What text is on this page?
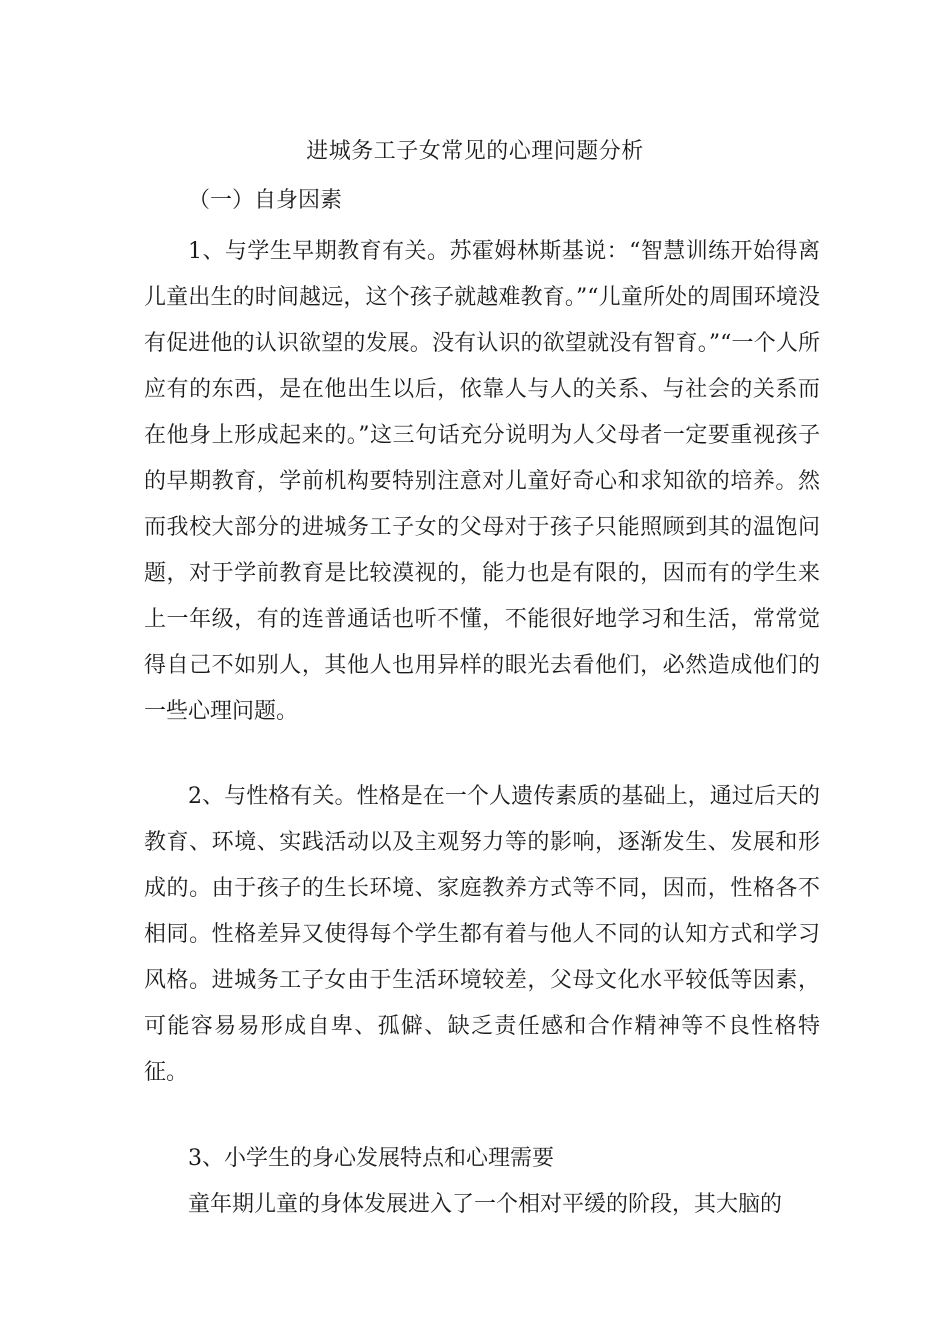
进城务工子女常见的心理问题分析
（一）自身因素

1、与学生早期教育有关。苏霍姆林斯基说：“智慧训练开始得离儿童出生的时间越远，这个孩子就越难教育。”“儿童所处的周围环境没有促进他的认识欲望的发展。没有认识的欲望就没有智育。”“一个人所应有的东西，是在他出生以后，依靠人与人的关系、与社会的关系而在他身上形成起来的。”这三句话充分说明为人父母者一定要重视孩子的早期教育，学前机构要特别注意对儿童好奇心和求知欲的培养。然而我校大部分的进城务工子女的父母对于孩子只能照顾到其的温饱问题，对于学前教育是比较漠视的，能力也是有限的，因而有的学生来上一年级，有的连普通话也听不懂，不能很好地学习和生活，常常觉得自己不如别人，其他人也用异样的眼光去看他们，必然造成他们的一些心理问题。

2、与性格有关。性格是在一个人遗传素质的基础上，通过后天的教育、环境、实践活动以及主观努力等的影响，逐渐发生、发展和形成的。由于孩子的生长环境、家庭教养方式等不同，因而，性格各不相同。性格差异又使得每个学生都有着与他人不同的认知方式和学习风格。进城务工子女由于生活环境较差，父母文化水平较低等因素，可能容易易形成自卑、孤僻、缺乏责任感和合作精神等不良性格特征。

3、小学生的身心发展特点和心理需要

童年期儿童的身体发展进入了一个相对平缓的阶段，其大脑的
